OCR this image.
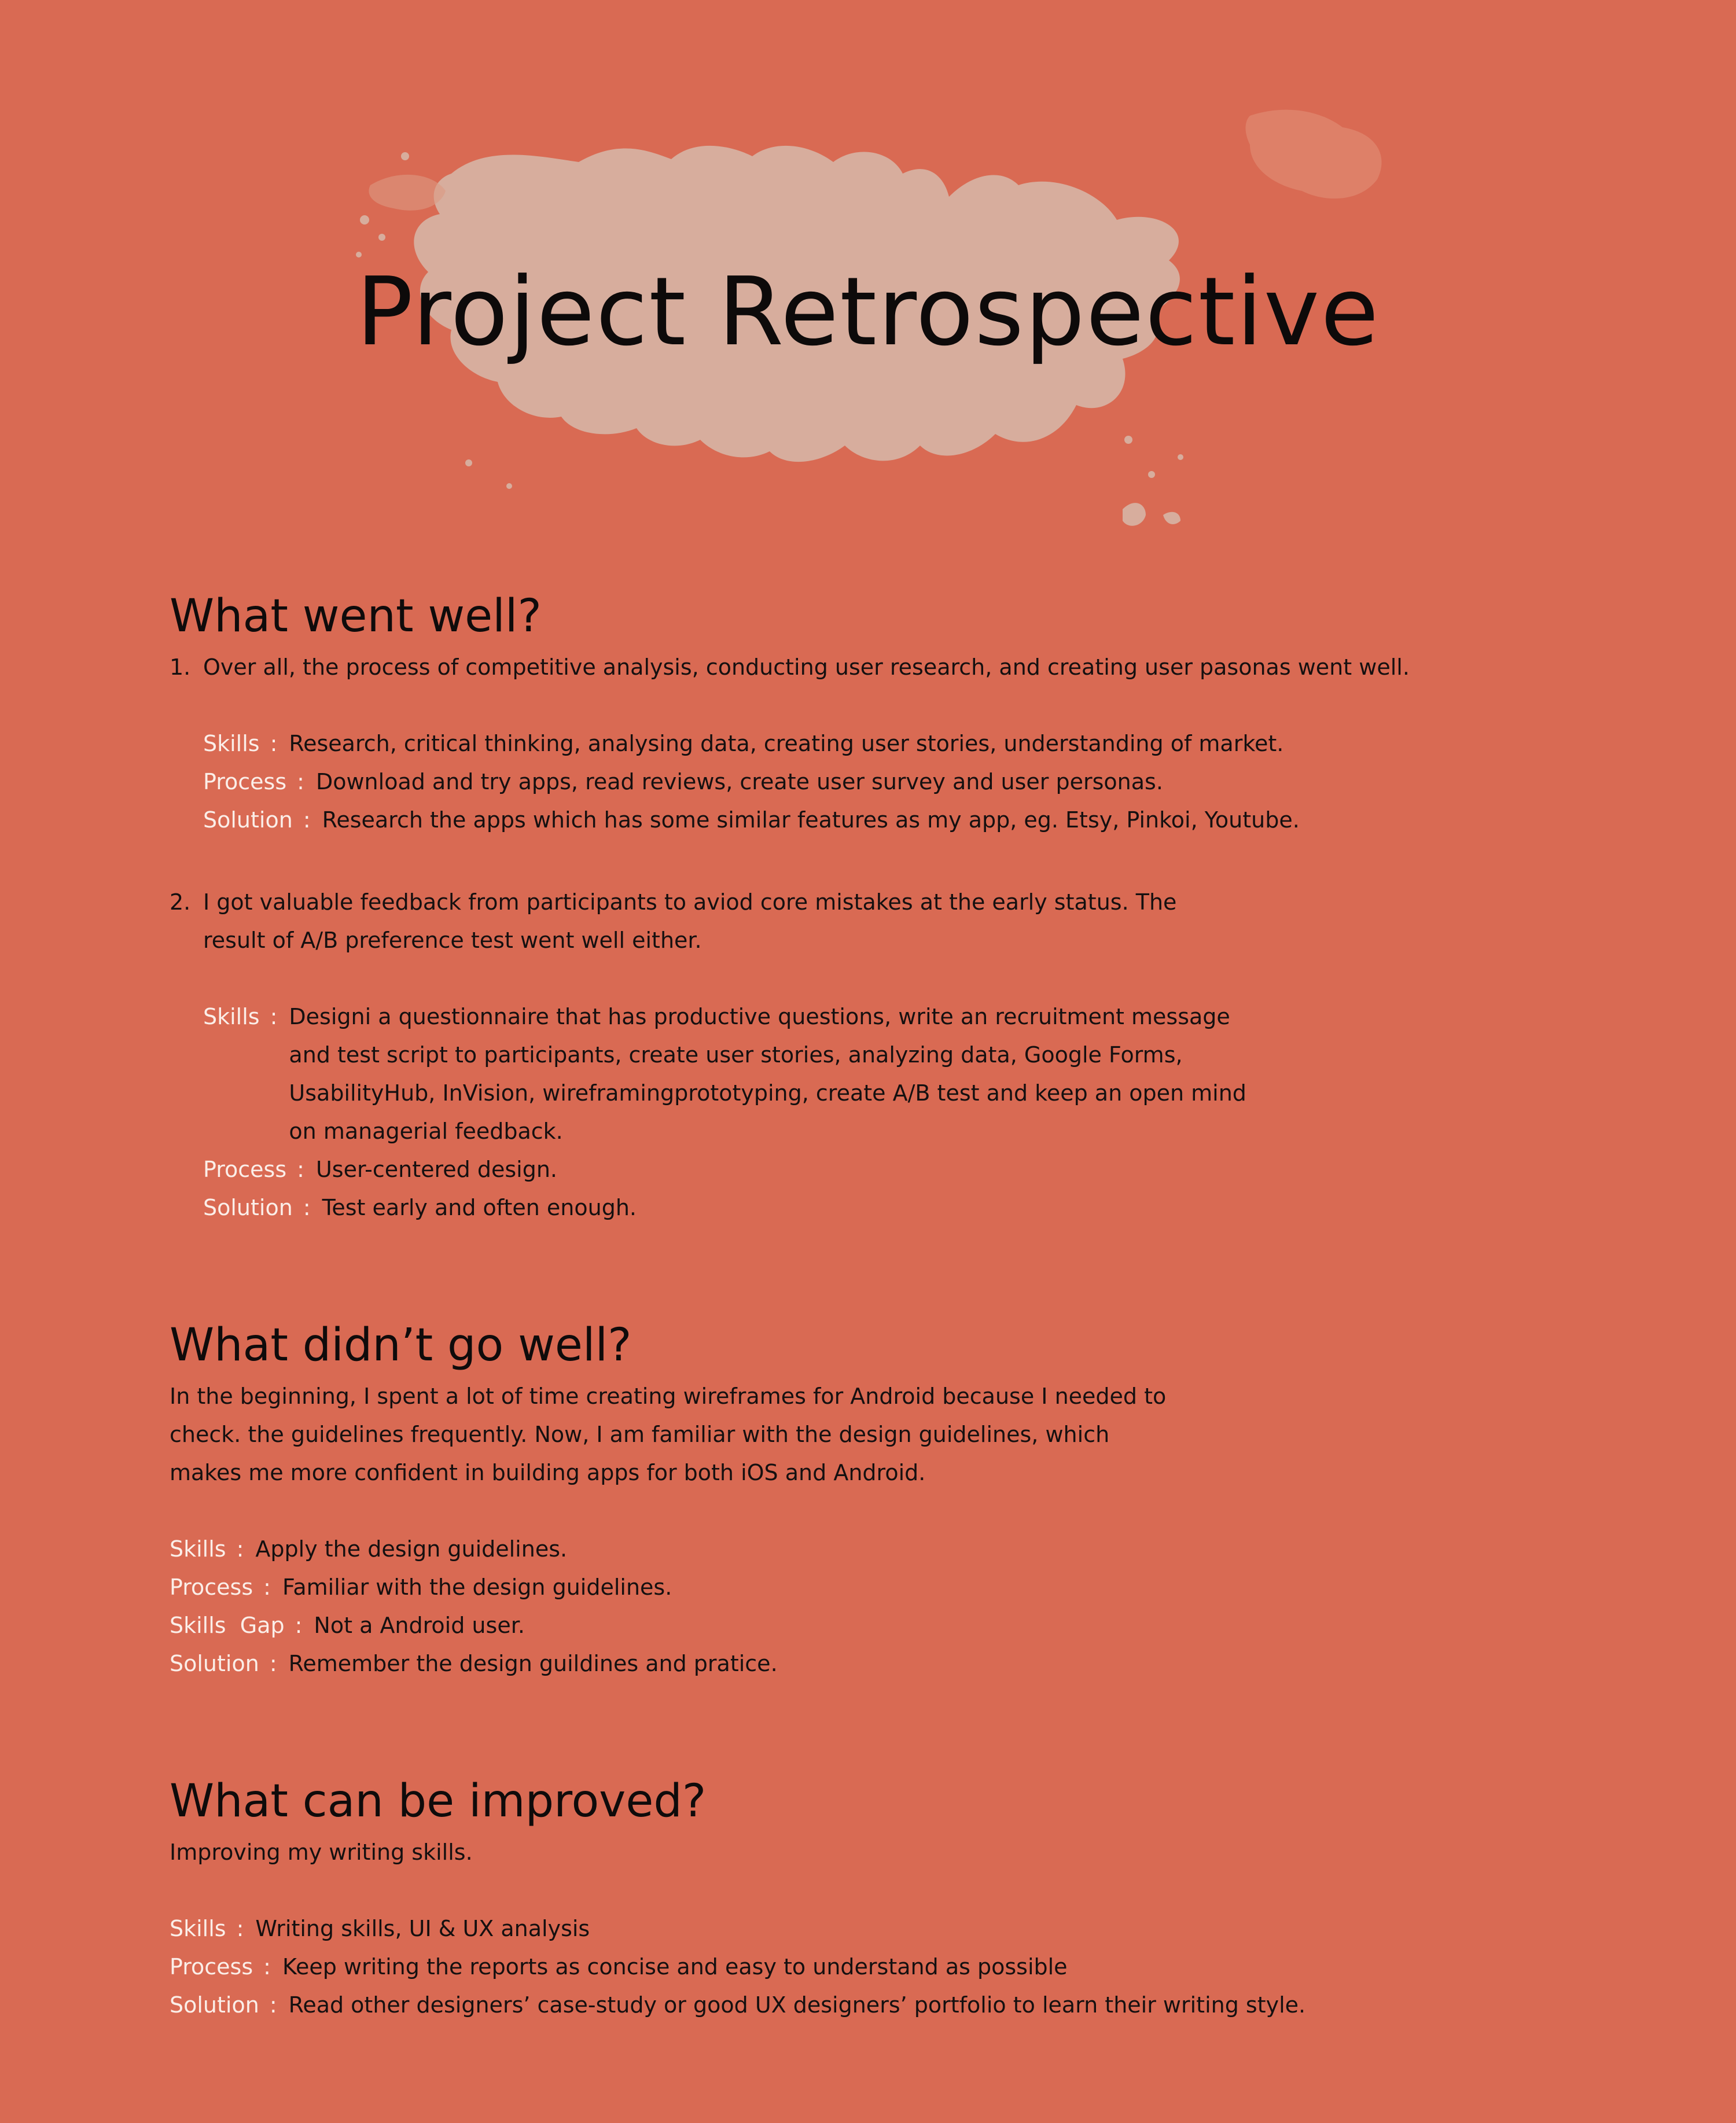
Project Retrospective
What went well?
1. Over all, the process of competitive analysis, conducting user research, and creating user pasonas went well.
Skills : Research, critical thinking, analysing data, creating user stories, understanding of market.
Process : Download and try apps, read reviews, create user survey and user personas.
Solution : Research the apps which has some similar features as my app, eg. Etsy, Pinkoi, Youtube.
2. I got valuable feedback from participants to aviod core mistakes at the early status. The result of A/B preference test went well either.
Skills : Designi a questionnaire that has productive questions, write an recruitment message and test script to participants, create user stories, analyzing data, Google Forms, UsabilityHub, InVision, wireframingprototyping, create A/B test and keep an open mind on managerial feedback.
Process : User-centered design.
Solution : Test early and often enough.
What didn’t go well?

In the beginning, I spent a lot of time creating wireframes for Android because I needed to check. the guidelines frequently. Now, I am familiar with the design guidelines, which makes me more confident in building apps for both iOS and Android.

Skills : Apply the design guidelines.
Process : Familiar with the design guidelines.
Skills  Gap : Not a Android user.
Solution : Remember the design guildines and pratice.
What can be improved?

Improving my writing skills.

Skills : Writing skills, UI & UX analysis
Process : Keep writing the reports as concise and easy to understand as possible
Solution : Read other designers’ case-study or good UX designers’ portfolio to learn their writing style.
